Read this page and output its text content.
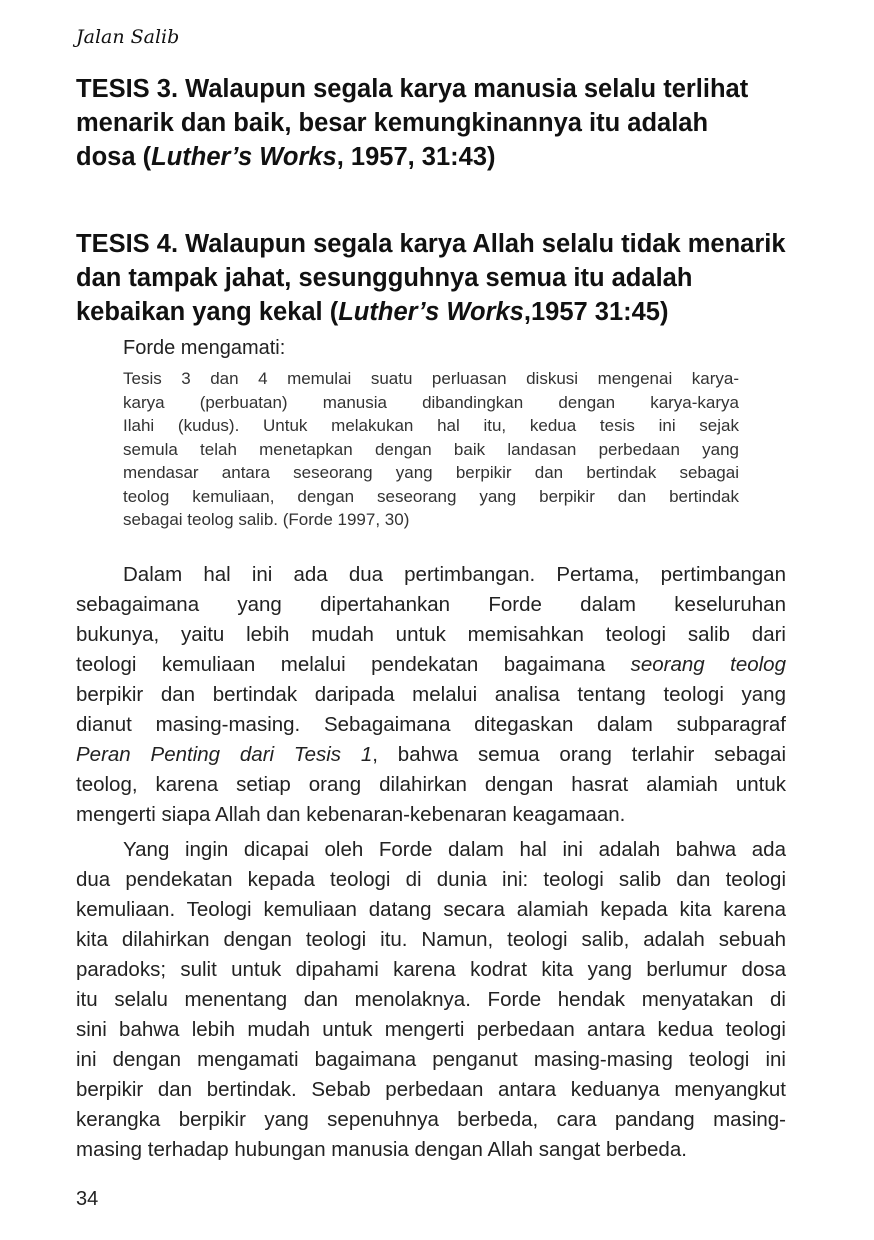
Jalan Salib
TESIS 3. Walaupun segala karya manusia selalu terlihat
menarik dan baik, besar kemungkinannya itu adalah
dosa (Luther’s Works, 1957, 31:43)
TESIS 4. Walaupun segala karya Allah selalu tidak menarik
dan tampak jahat, sesungguhnya semua itu adalah
kebaikan yang kekal (Luther’s Works,1957 31:45)

Forde mengamati:

Tesis 3 dan 4 memulai suatu perluasan diskusi mengenai karya-
karya (perbuatan) manusia dibandingkan dengan karya-karya
Ilahi (kudus). Untuk melakukan hal itu, kedua tesis ini sejak
semula telah menetapkan dengan baik landasan perbedaan yang
mendasar antara seseorang yang berpikir dan bertindak sebagai
teolog kemuliaan, dengan seseorang yang berpikir dan bertindak
sebagai teolog salib. (Forde 1997, 30)

Dalam hal ini ada dua pertimbangan. Pertama, pertimbangan
sebagaimana yang dipertahankan Forde dalam keseluruhan
bukunya, yaitu lebih mudah untuk memisahkan teologi salib dari
teologi kemuliaan melalui pendekatan bagaimana seorang teolog
berpikir dan bertindak daripada melalui analisa tentang teologi yang
dianut masing-masing. Sebagaimana ditegaskan dalam subparagraf
Peran Penting dari Tesis 1, bahwa semua orang terlahir sebagai
teolog, karena setiap orang dilahirkan dengan hasrat alamiah untuk
mengerti siapa Allah dan kebenaran-kebenaran keagamaan.

Yang ingin dicapai oleh Forde dalam hal ini adalah bahwa ada
dua pendekatan kepada teologi di dunia ini: teologi salib dan teologi
kemuliaan. Teologi kemuliaan datang secara alamiah kepada kita karena
kita dilahirkan dengan teologi itu. Namun, teologi salib, adalah sebuah
paradoks; sulit untuk dipahami karena kodrat kita yang berlumur dosa
itu selalu menentang dan menolaknya. Forde hendak menyatakan di
sini bahwa lebih mudah untuk mengerti perbedaan antara kedua teologi
ini dengan mengamati bagaimana penganut masing-masing teologi ini
berpikir dan bertindak. Sebab perbedaan antara keduanya menyangkut
kerangka berpikir yang sepenuhnya berbeda, cara pandang masing-
masing terhadap hubungan manusia dengan Allah sangat berbeda.

34
